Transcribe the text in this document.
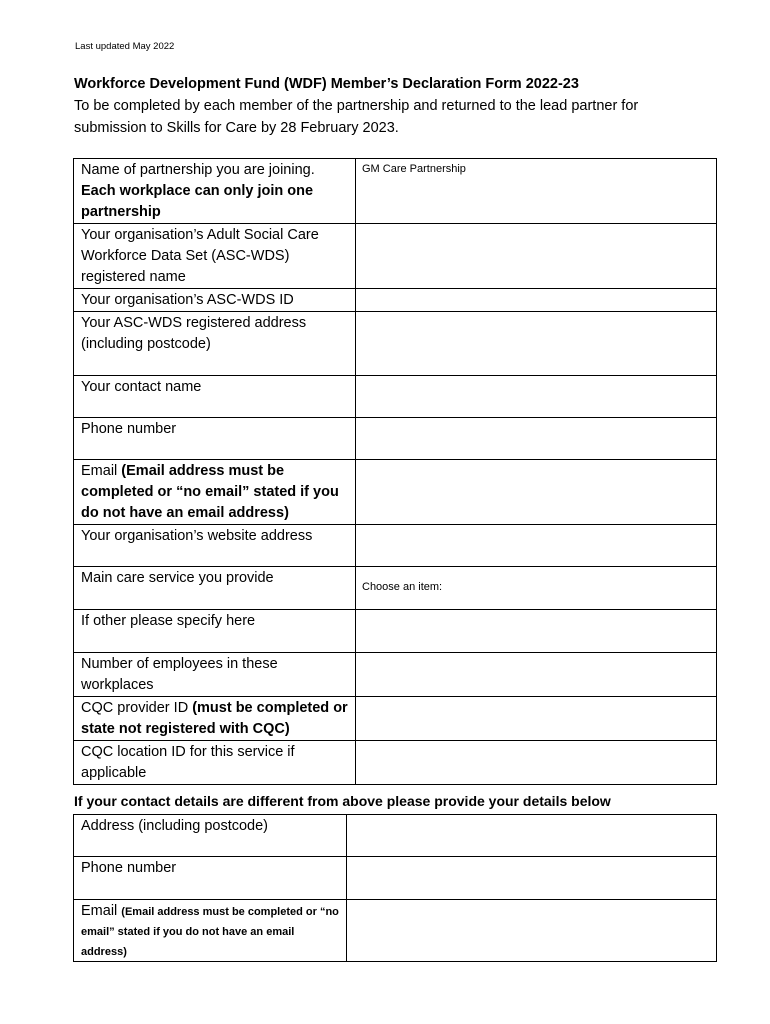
Last updated May 2022
Workforce Development Fund (WDF) Member’s Declaration Form 2022-23
To be completed by each member of the partnership and returned to the lead partner for submission to Skills for Care by 28 February 2023.
Name of partnership you are joining. Each workplace can only join one partnership	GM Care Partnership
Your organisation’s Adult Social Care Workforce Data Set (ASC-WDS) registered name	
Your organisation’s ASC-WDS ID	
Your ASC-WDS registered address (including postcode)	
Your contact name	
Phone number	
Email (Email address must be completed or “no email” stated if you do not have an email address)	
Your organisation’s website address	
Main care service you provide	Choose an item:
If other please specify here	
Number of employees in these workplaces	
CQC provider ID (must be completed or state not registered with CQC)	
CQC location ID for this service if applicable	
If your contact details are different from above please provide your details below
Address (including postcode)	
Phone number	
Email (Email address must be completed or “no email” stated if you do not have an email address)	
